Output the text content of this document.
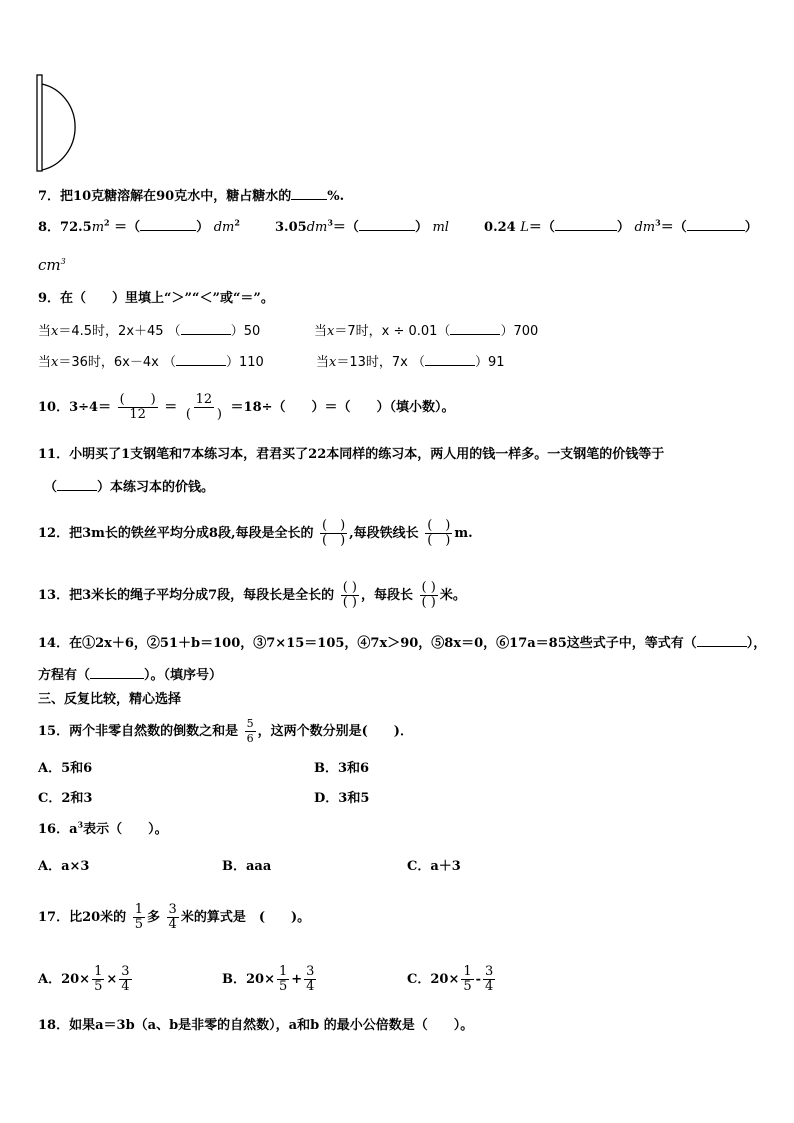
7．把10克糖溶解在90克水中，糖占糖水的	%.
8．$72.5m^2$ ＝（	） $dm^2$	$3.05dm^3=$（	） ml	0.24 L＝（	） $dm^3=$（	）
$cm^3$
9．在（　　）里填上“＞”“＜”或“＝”。
当x＝4.5时，2x＋45 （	）50	当x＝7时，x ÷ 0.01（	）700
当x＝36时，6x－4x （	）110	当x＝13时，7x （	）91
10．$3\div 4= \frac{( )}{12} = \frac{12}{( )} =18\div$（　　）＝（　　）（填小数）。
11．小明买了1支钢笔和7本练习本，君君买了22本同样的练习本，两人用的钱一样多。一支钢笔的价钱等于
（	）本练习本的价钱。
12．把3m长的铁丝平均分成8段,每段是全长的 $\frac{( )}{( )}$ ,每段铁线长 $\frac{( )}{( )} m$.
13．把3米长的绳子平均分成7段，每段长是全长的 $\frac{( )}{( )}$ ，每段长 $\frac{( )}{( )}$ 米。
14．在①2x＋6，②51＋b＝100，③7×15＝105，④7x＞90，⑤8x＝0，⑥17a＝85这些式子中，等式有（	），
方程有（	）。（填序号）
三、反复比较，精心选择
15．两个非零自然数的倒数之和是 $\frac{5}{6}$ ，这两个数分别是(　　)．
A．5和6	B．3和6
C．2和3	D．3和5
16．$a^3$表示（　　）。
A．a×3	B．aaa	C．a＋3
17．比20米的 $\frac{1}{5}$ 多 $\frac{3}{4}$ 米的算式是　(　　)。
A．$20\times \frac{1}{5} \times \frac{3}{4}$	B．$20\times \frac{1}{5} + \frac{3}{4}$	C．$20\times \frac{1}{5} - \frac{3}{4}$
18．如果a＝3b（a、b是非零的自然数），a和b 的最小公倍数是（　　）。
